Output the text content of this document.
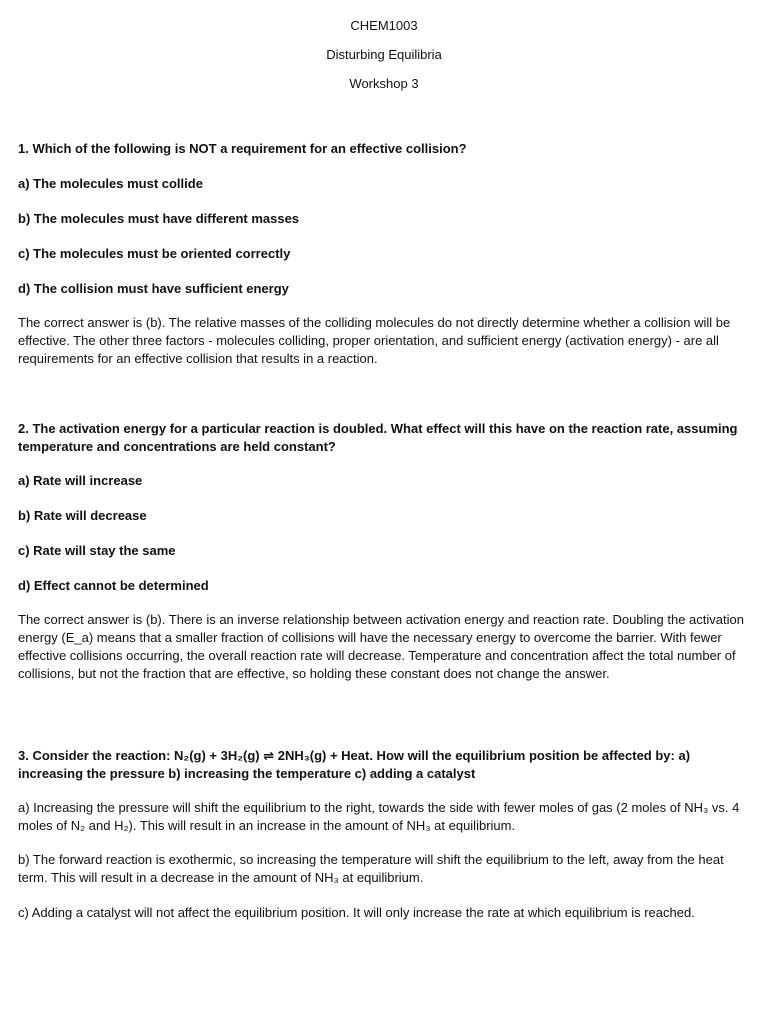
CHEM1003
Disturbing Equilibria
Workshop 3

1. Which of the following is NOT a requirement for an effective collision?

a) The molecules must collide

b) The molecules must have different masses

c) The molecules must be oriented correctly

d) The collision must have sufficient energy

The correct answer is (b). The relative masses of the colliding molecules do not directly determine whether a collision will be effective. The other three factors - molecules colliding, proper orientation, and sufficient energy (activation energy) - are all requirements for an effective collision that results in a reaction.

2. The activation energy for a particular reaction is doubled. What effect will this have on the reaction rate, assuming temperature and concentrations are held constant?

a) Rate will increase

b) Rate will decrease

c) Rate will stay the same

d) Effect cannot be determined

The correct answer is (b). There is an inverse relationship between activation energy and reaction rate. Doubling the activation energy (E_a) means that a smaller fraction of collisions will have the necessary energy to overcome the barrier. With fewer effective collisions occurring, the overall reaction rate will decrease. Temperature and concentration affect the total number of collisions, but not the fraction that are effective, so holding these constant does not change the answer.

3. Consider the reaction: N₂(g) + 3H₂(g) ⇌ 2NH₃(g) + Heat. How will the equilibrium position be affected by: a) increasing the pressure b) increasing the temperature c) adding a catalyst

a) Increasing the pressure will shift the equilibrium to the right, towards the side with fewer moles of gas (2 moles of NH₃ vs. 4 moles of N₂ and H₂). This will result in an increase in the amount of NH₃ at equilibrium.

b) The forward reaction is exothermic, so increasing the temperature will shift the equilibrium to the left, away from the heat term. This will result in a decrease in the amount of NH₃ at equilibrium.

c) Adding a catalyst will not affect the equilibrium position. It will only increase the rate at which equilibrium is reached.
